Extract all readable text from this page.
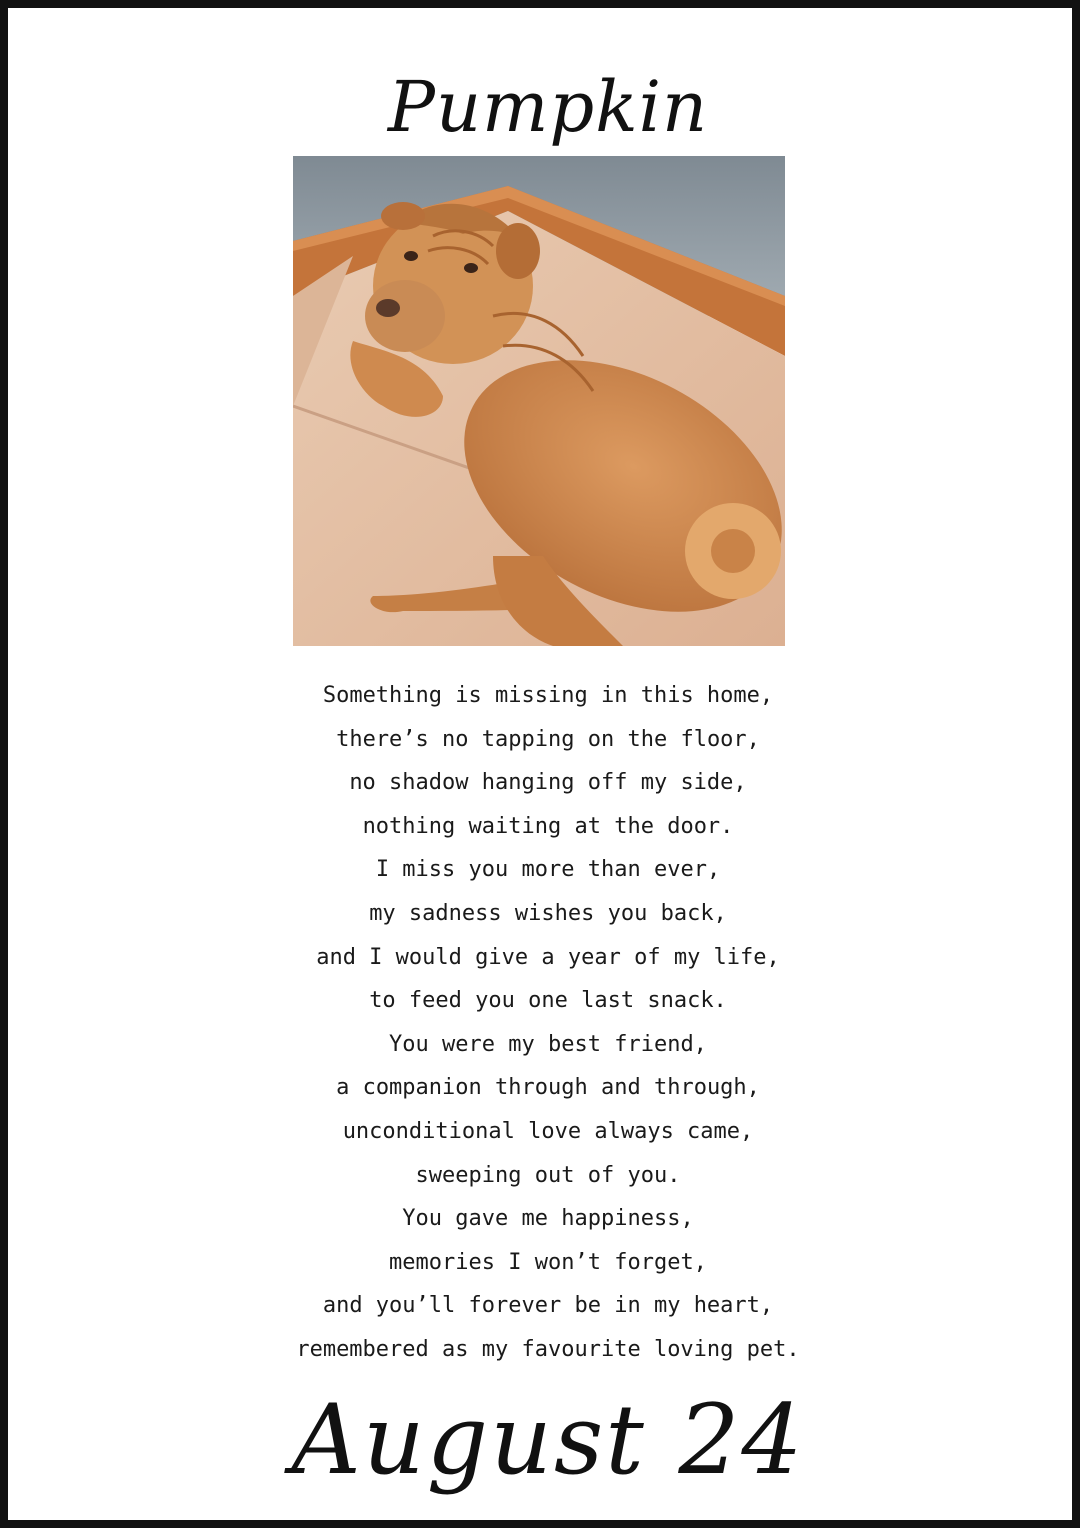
Pumpkin
Something is missing in this home,
there’s no tapping on the floor,
no shadow hanging off my side,
nothing waiting at the door.
I miss you more than ever,
my sadness wishes you back,
and I would give a year of my life,
to feed you one last snack.
You were my best friend,
a companion through and through,
unconditional love always came,
sweeping out of you.
You gave me happiness,
memories I won’t forget,
and you’ll forever be in my heart,
remembered as my favourite loving pet.
August 24
